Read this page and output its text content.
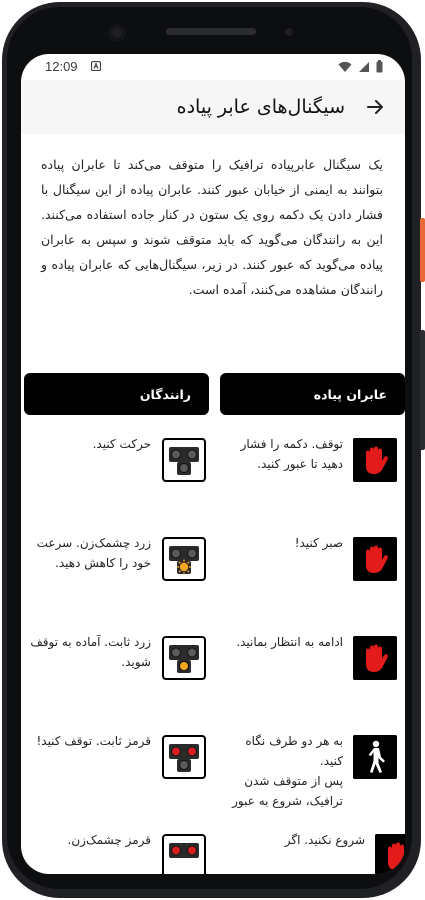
12:09
سیگنال‌های عابر پیاده

یک سیگنال عابرپیاده ترافیک را متوقف می‌کند تا عابران پیاده بتوانند به ایمنی از خیابان عبور کنند. عابران پیاده از این سیگنال با فشار دادن یک دکمه روی یک ستون در کنار جاده استفاده می‌کنند. این به رانندگان می‌گوید که باید متوقف شوند و سپس به عابران پیاده می‌گوید که عبور کنند. در زیر، سیگنال‌هایی که عابران پیاده و رانندگان مشاهده می‌کنند، آمده است.

عابران پیاده
رانندگان
توقف. دکمه را فشار دهید تا عبور کنید.
حرکت کنید.
صبر کنید!
زرد چشمک‌زن. سرعت خود را کاهش دهید.
ادامه به انتظار بمانید.
زرد ثابت. آماده به توقف شوید.
به هر دو طرف نگاه کنید.
پس از متوقف شدن ترافیک، شروع به عبور
قرمز ثابت. توقف کنید!
شروع نکنید. اگر
قرمز چشمک‌زن.
